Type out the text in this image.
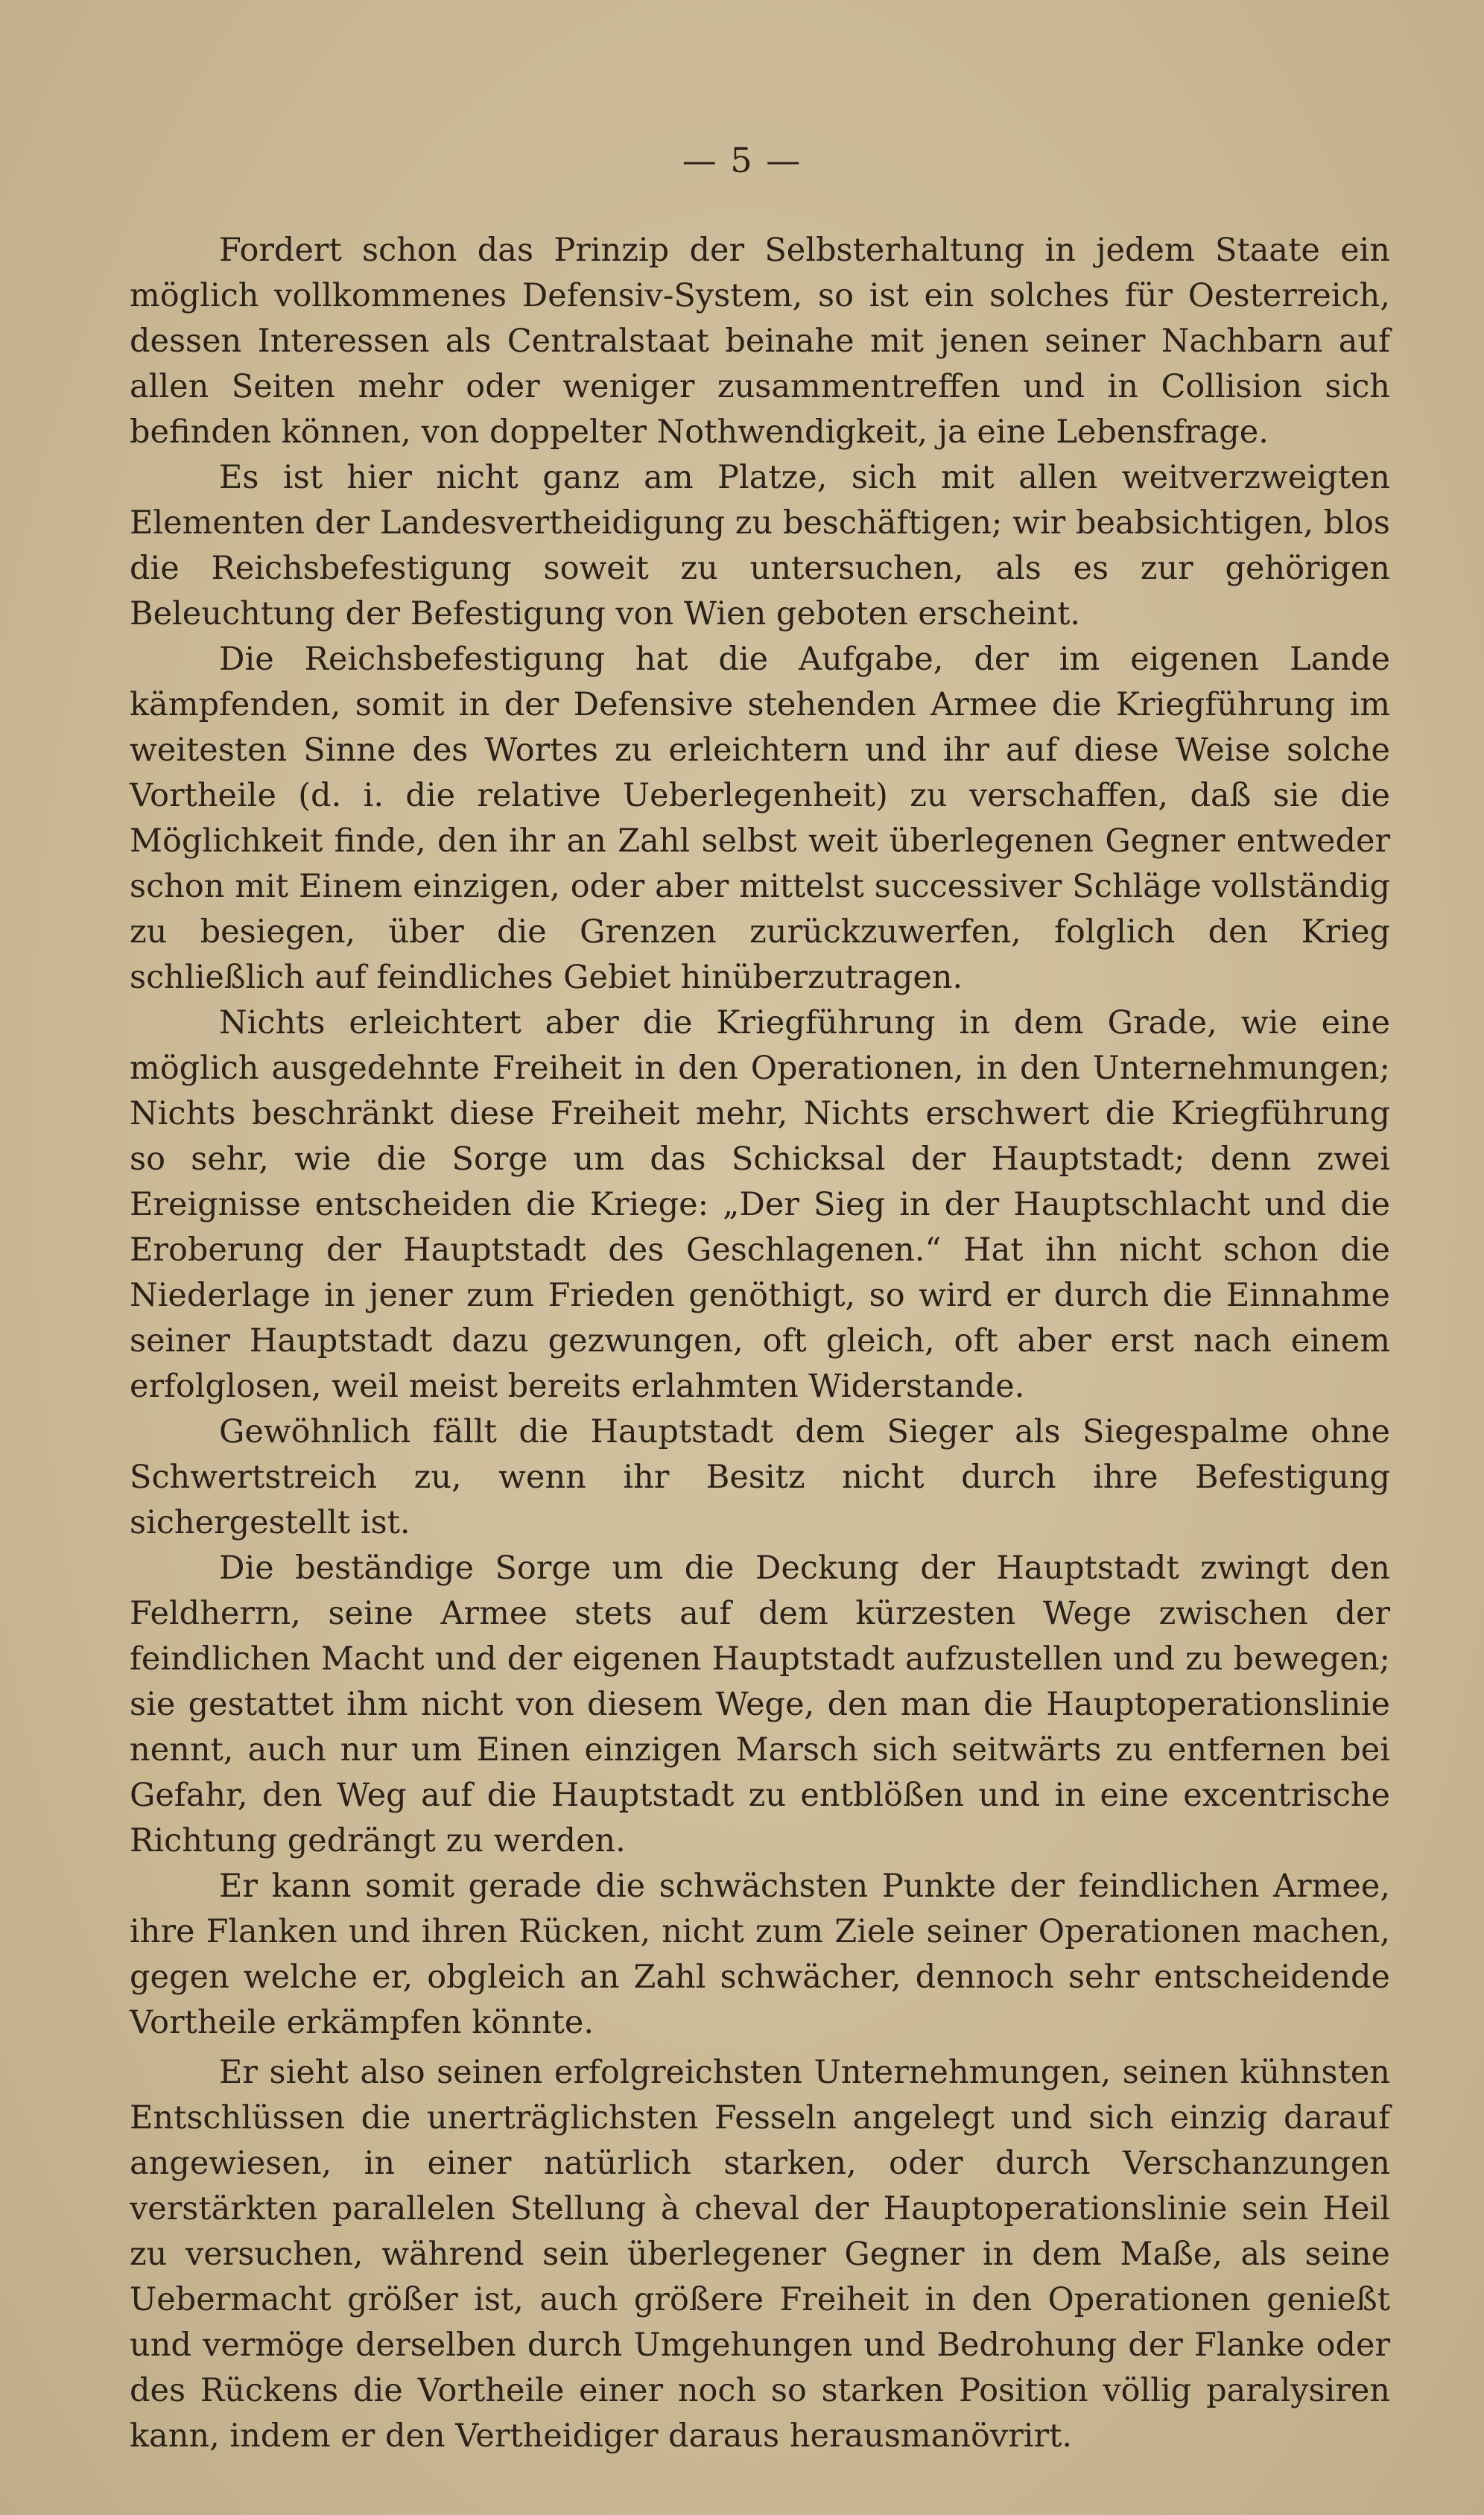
— 5 —

Fordert schon das Prinzip der Selbsterhaltung in jedem Staate ein möglich vollkommenes Defensiv-System, so ist ein solches für Oesterreich, dessen Interessen als Centralstaat beinahe mit jenen seiner Nachbarn auf allen Seiten mehr oder weniger zusammentreffen und in Collision sich befinden können, von doppelter Nothwendigkeit, ja eine Lebensfrage.

Es ist hier nicht ganz am Platze, sich mit allen weitverzweigten Elementen der Landesvertheidigung zu beschäftigen; wir beabsichtigen, blos die Reichsbefestigung soweit zu untersuchen, als es zur gehörigen Beleuchtung der Befestigung von Wien geboten erscheint.

Die Reichsbefestigung hat die Aufgabe, der im eigenen Lande kämpfenden, somit in der Defensive stehenden Armee die Kriegführung im weitesten Sinne des Wortes zu erleichtern und ihr auf diese Weise solche Vortheile (d. i. die relative Ueberlegenheit) zu verschaffen, daß sie die Möglichkeit finde, den ihr an Zahl selbst weit überlegenen Gegner entweder schon mit Einem einzigen, oder aber mittelst successiver Schläge vollständig zu besiegen, über die Grenzen zurückzuwerfen, folglich den Krieg schließlich auf feindliches Gebiet hinüberzutragen.

Nichts erleichtert aber die Kriegführung in dem Grade, wie eine möglich ausgedehnte Freiheit in den Operationen, in den Unternehmungen; Nichts beschränkt diese Freiheit mehr, Nichts erschwert die Kriegführung so sehr, wie die Sorge um das Schicksal der Hauptstadt; denn zwei Ereignisse entscheiden die Kriege: „Der Sieg in der Hauptschlacht und die Eroberung der Hauptstadt des Geschlagenen.“ Hat ihn nicht schon die Niederlage in jener zum Frieden genöthigt, so wird er durch die Einnahme seiner Hauptstadt dazu gezwungen, oft gleich, oft aber erst nach einem erfolglosen, weil meist bereits erlahmten Widerstande.

Gewöhnlich fällt die Hauptstadt dem Sieger als Siegespalme ohne Schwertstreich zu, wenn ihr Besitz nicht durch ihre Befestigung sichergestellt ist.

Die beständige Sorge um die Deckung der Hauptstadt zwingt den Feldherrn, seine Armee stets auf dem kürzesten Wege zwischen der feindlichen Macht und der eigenen Hauptstadt aufzustellen und zu bewegen; sie gestattet ihm nicht von diesem Wege, den man die Hauptoperationslinie nennt, auch nur um Einen einzigen Marsch sich seitwärts zu entfernen bei Gefahr, den Weg auf die Hauptstadt zu entblößen und in eine excentrische Richtung gedrängt zu werden.

Er kann somit gerade die schwächsten Punkte der feindlichen Armee, ihre Flanken und ihren Rücken, nicht zum Ziele seiner Operationen machen, gegen welche er, obgleich an Zahl schwächer, dennoch sehr entscheidende Vortheile erkämpfen könnte.

Er sieht also seinen erfolgreichsten Unternehmungen, seinen kühnsten Entschlüssen die unerträglichsten Fesseln angelegt und sich einzig darauf angewiesen, in einer natürlich starken, oder durch Verschanzungen verstärkten parallelen Stellung à cheval der Hauptoperationslinie sein Heil zu versuchen, während sein überlegener Gegner in dem Maße, als seine Uebermacht größer ist, auch größere Freiheit in den Operationen genießt und vermöge derselben durch Umgehungen und Bedrohung der Flanke oder des Rückens die Vortheile einer noch so starken Position völlig paralysiren kann, indem er den Vertheidiger daraus herausmanövrirt.
